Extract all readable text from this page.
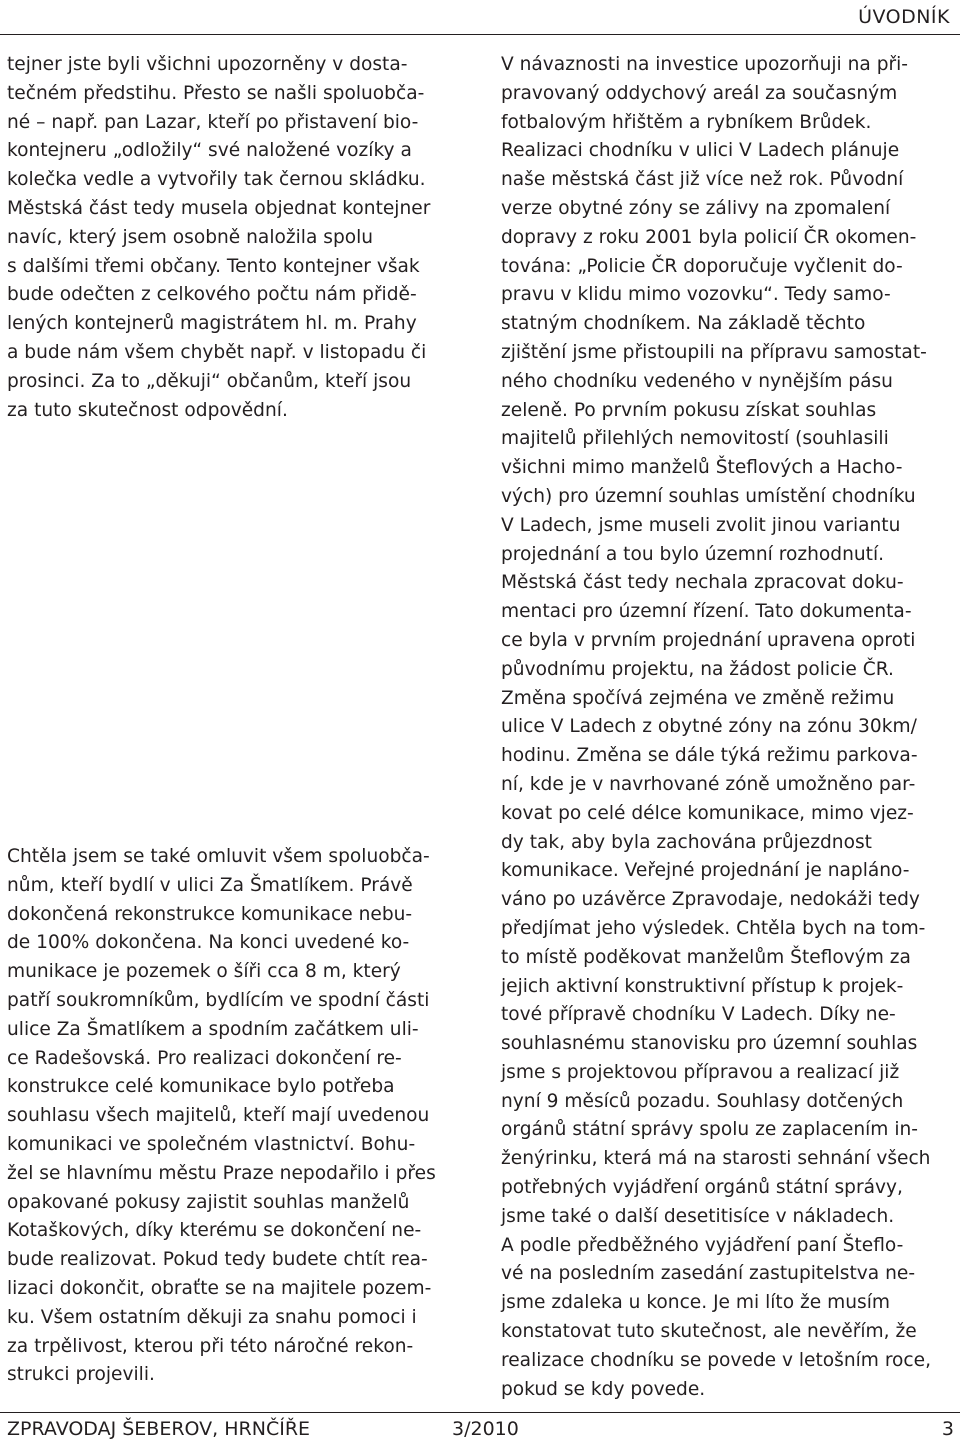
ÚVODNÍK
tejner jste byli všichni upozorněny v dosta-
tečném předstihu. Přesto se našli spoluobča-
né – např. pan Lazar, kteří po přistavení bio-
kontejneru „odložily“ své naložené vozíky a
kolečka vedle a vytvořily tak černou skládku.
Městská část tedy musela objednat kontejner
navíc, který jsem osobně naložila spolu
s dalšími třemi občany. Tento kontejner však
bude odečten z celkového počtu nám přidě-
lených kontejnerů magistrátem hl. m. Prahy
a bude nám všem chybět např. v listopadu či
prosinci. Za to „děkuji“ občanům, kteří jsou
za tuto skutečnost odpovědní.
Chtěla jsem se také omluvit všem spoluobča-
nům, kteří bydlí v ulici Za Šmatlíkem. Právě
dokončená rekonstrukce komunikace nebu-
de 100% dokončena. Na konci uvedené ko-
munikace je pozemek o šíři cca 8 m, který
patří soukromníkům, bydlícím ve spodní části
ulice Za Šmatlíkem a spodním začátkem uli-
ce Radešovská. Pro realizaci dokončení re-
konstrukce celé komunikace bylo potřeba
souhlasu všech majitelů, kteří mají uvedenou
komunikaci ve společném vlastnictví. Bohu-
žel se hlavnímu městu Praze nepodařilo i přes
opakované pokusy zajistit souhlas manželů
Kotaškových, díky kterému se dokončení ne-
bude realizovat. Pokud tedy budete chtít rea-
lizaci dokončit, obraťte se na majitele pozem-
ku. Všem ostatním děkuji za snahu pomoci i
za trpělivost, kterou při této náročné rekon-
strukci projevili.
V návaznosti na investice upozorňuji na při-
pravovaný oddychový areál za současným
fotbalovým hřištěm a rybníkem Brůdek.
Realizaci chodníku v ulici V Ladech plánuje
naše městská část již více než rok. Původní
verze obytné zóny se zálivy na zpomalení
dopravy z roku 2001 byla policií ČR okomen-
tována: „Policie ČR doporučuje vyčlenit do-
pravu v klidu mimo vozovku“. Tedy samo-
statným chodníkem. Na základě těchto
zjištění jsme přistoupili na přípravu samostat-
ného chodníku vedeného v nynějším pásu
zeleně. Po prvním pokusu získat souhlas
majitelů přilehlých nemovitostí (souhlasili
všichni mimo manželů Šteflových a Hacho-
vých) pro územní souhlas umístění chodníku
V Ladech, jsme museli zvolit jinou variantu
projednání a tou bylo územní rozhodnutí.
Městská část tedy nechala zpracovat doku-
mentaci pro územní řízení. Tato dokumenta-
ce byla v prvním projednání upravena oproti
původnímu projektu, na žádost policie ČR.
Změna spočívá zejména ve změně režimu
ulice V Ladech z obytné zóny na zónu 30km/
hodinu. Změna se dále týká režimu parkova-
ní, kde je v navrhované zóně umožněno par-
kovat po celé délce komunikace, mimo vjez-
dy tak, aby byla zachována průjezdnost
komunikace. Veřejné projednání je napláno-
váno po uzávěrce Zpravodaje, nedokáži tedy
předjímat jeho výsledek. Chtěla bych na tom-
to místě poděkovat manželům Šteflovým za
jejich aktivní konstruktivní přístup k projek-
tové přípravě chodníku V Ladech. Díky ne-
souhlasnému stanovisku pro územní souhlas
jsme s projektovou přípravou a realizací již
nyní 9 měsíců pozadu. Souhlasy dotčených
orgánů státní správy spolu ze zaplacením in-
ženýrinku, která má na starosti sehnání všech
potřebných vyjádření orgánů státní správy,
jsme také o další desetitisíce v nákladech.
A podle předběžného vyjádření paní Šteflo-
vé na posledním zasedání zastupitelstva ne-
jsme zdaleka u konce. Je mi líto že musím
konstatovat tuto skutečnost, ale nevěřím, že
realizace chodníku se povede v letošním roce,
pokud se kdy povede.
ZPRAVODAJ ŠEBEROV, HRNČÍŘE	3/2010	3
